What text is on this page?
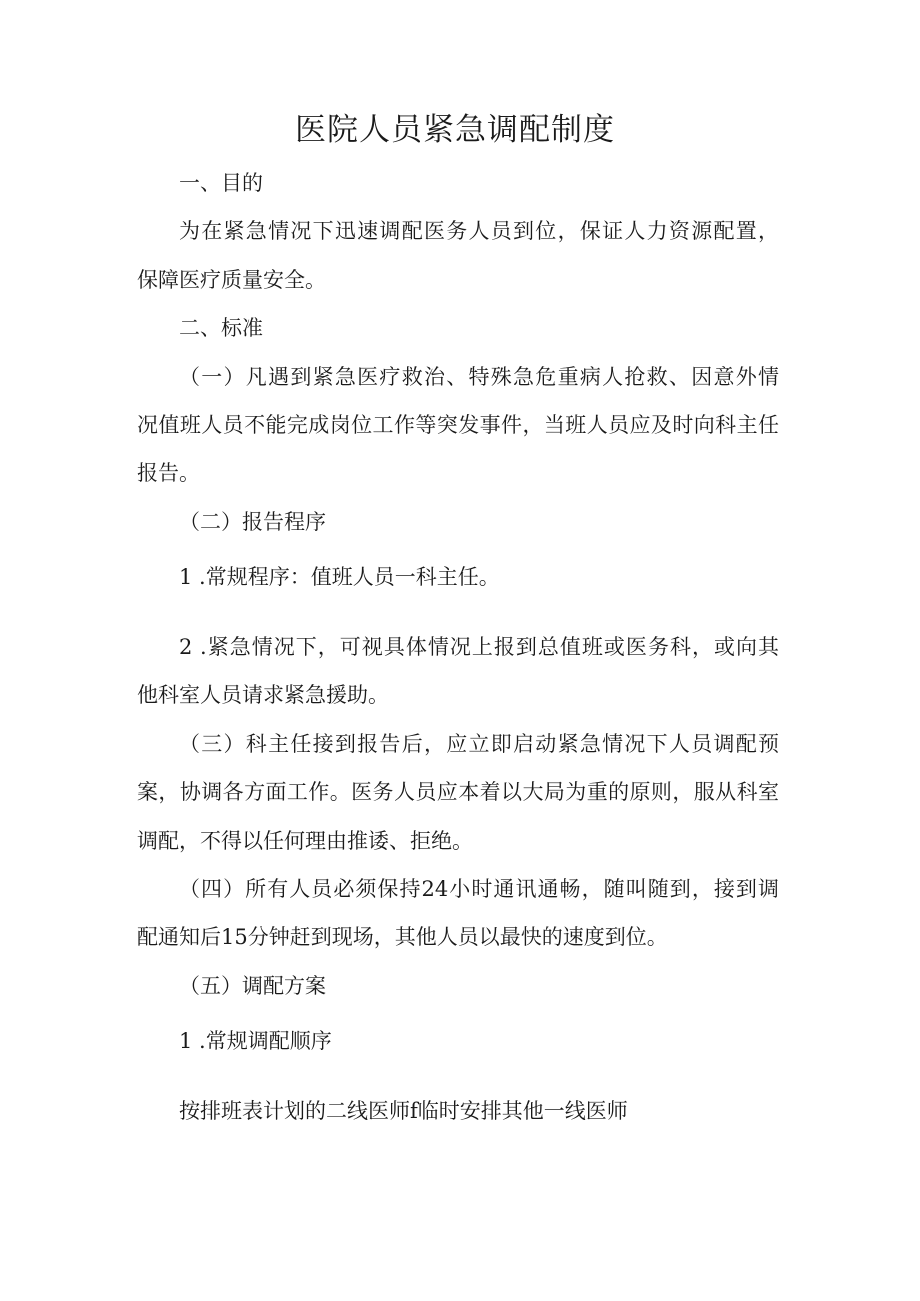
医院人员紧急调配制度
一、目的
为在紧急情况下迅速调配医务人员到位，保证人力资源配置，
保障医疗质量安全。
二、标准
（一）凡遇到紧急医疗救治、特殊急危重病人抢救、因意外情
况值班人员不能完成岗位工作等突发事件，当班人员应及时向科主任
报告。
（二）报告程序
1 .常规程序：值班人员一科主任。
2 .紧急情况下，可视具体情况上报到总值班或医务科，或向其
他科室人员请求紧急援助。
（三）科主任接到报告后，应立即启动紧急情况下人员调配预
案，协调各方面工作。医务人员应本着以大局为重的原则，服从科室
调配，不得以任何理由推诿、拒绝。
（四）所有人员必须保持24小时通讯通畅，随叫随到，接到调
配通知后15分钟赶到现场，其他人员以最快的速度到位。
（五）调配方案
1 .常规调配顺序
按排班表计划的二线医师f临时安排其他一线医师
